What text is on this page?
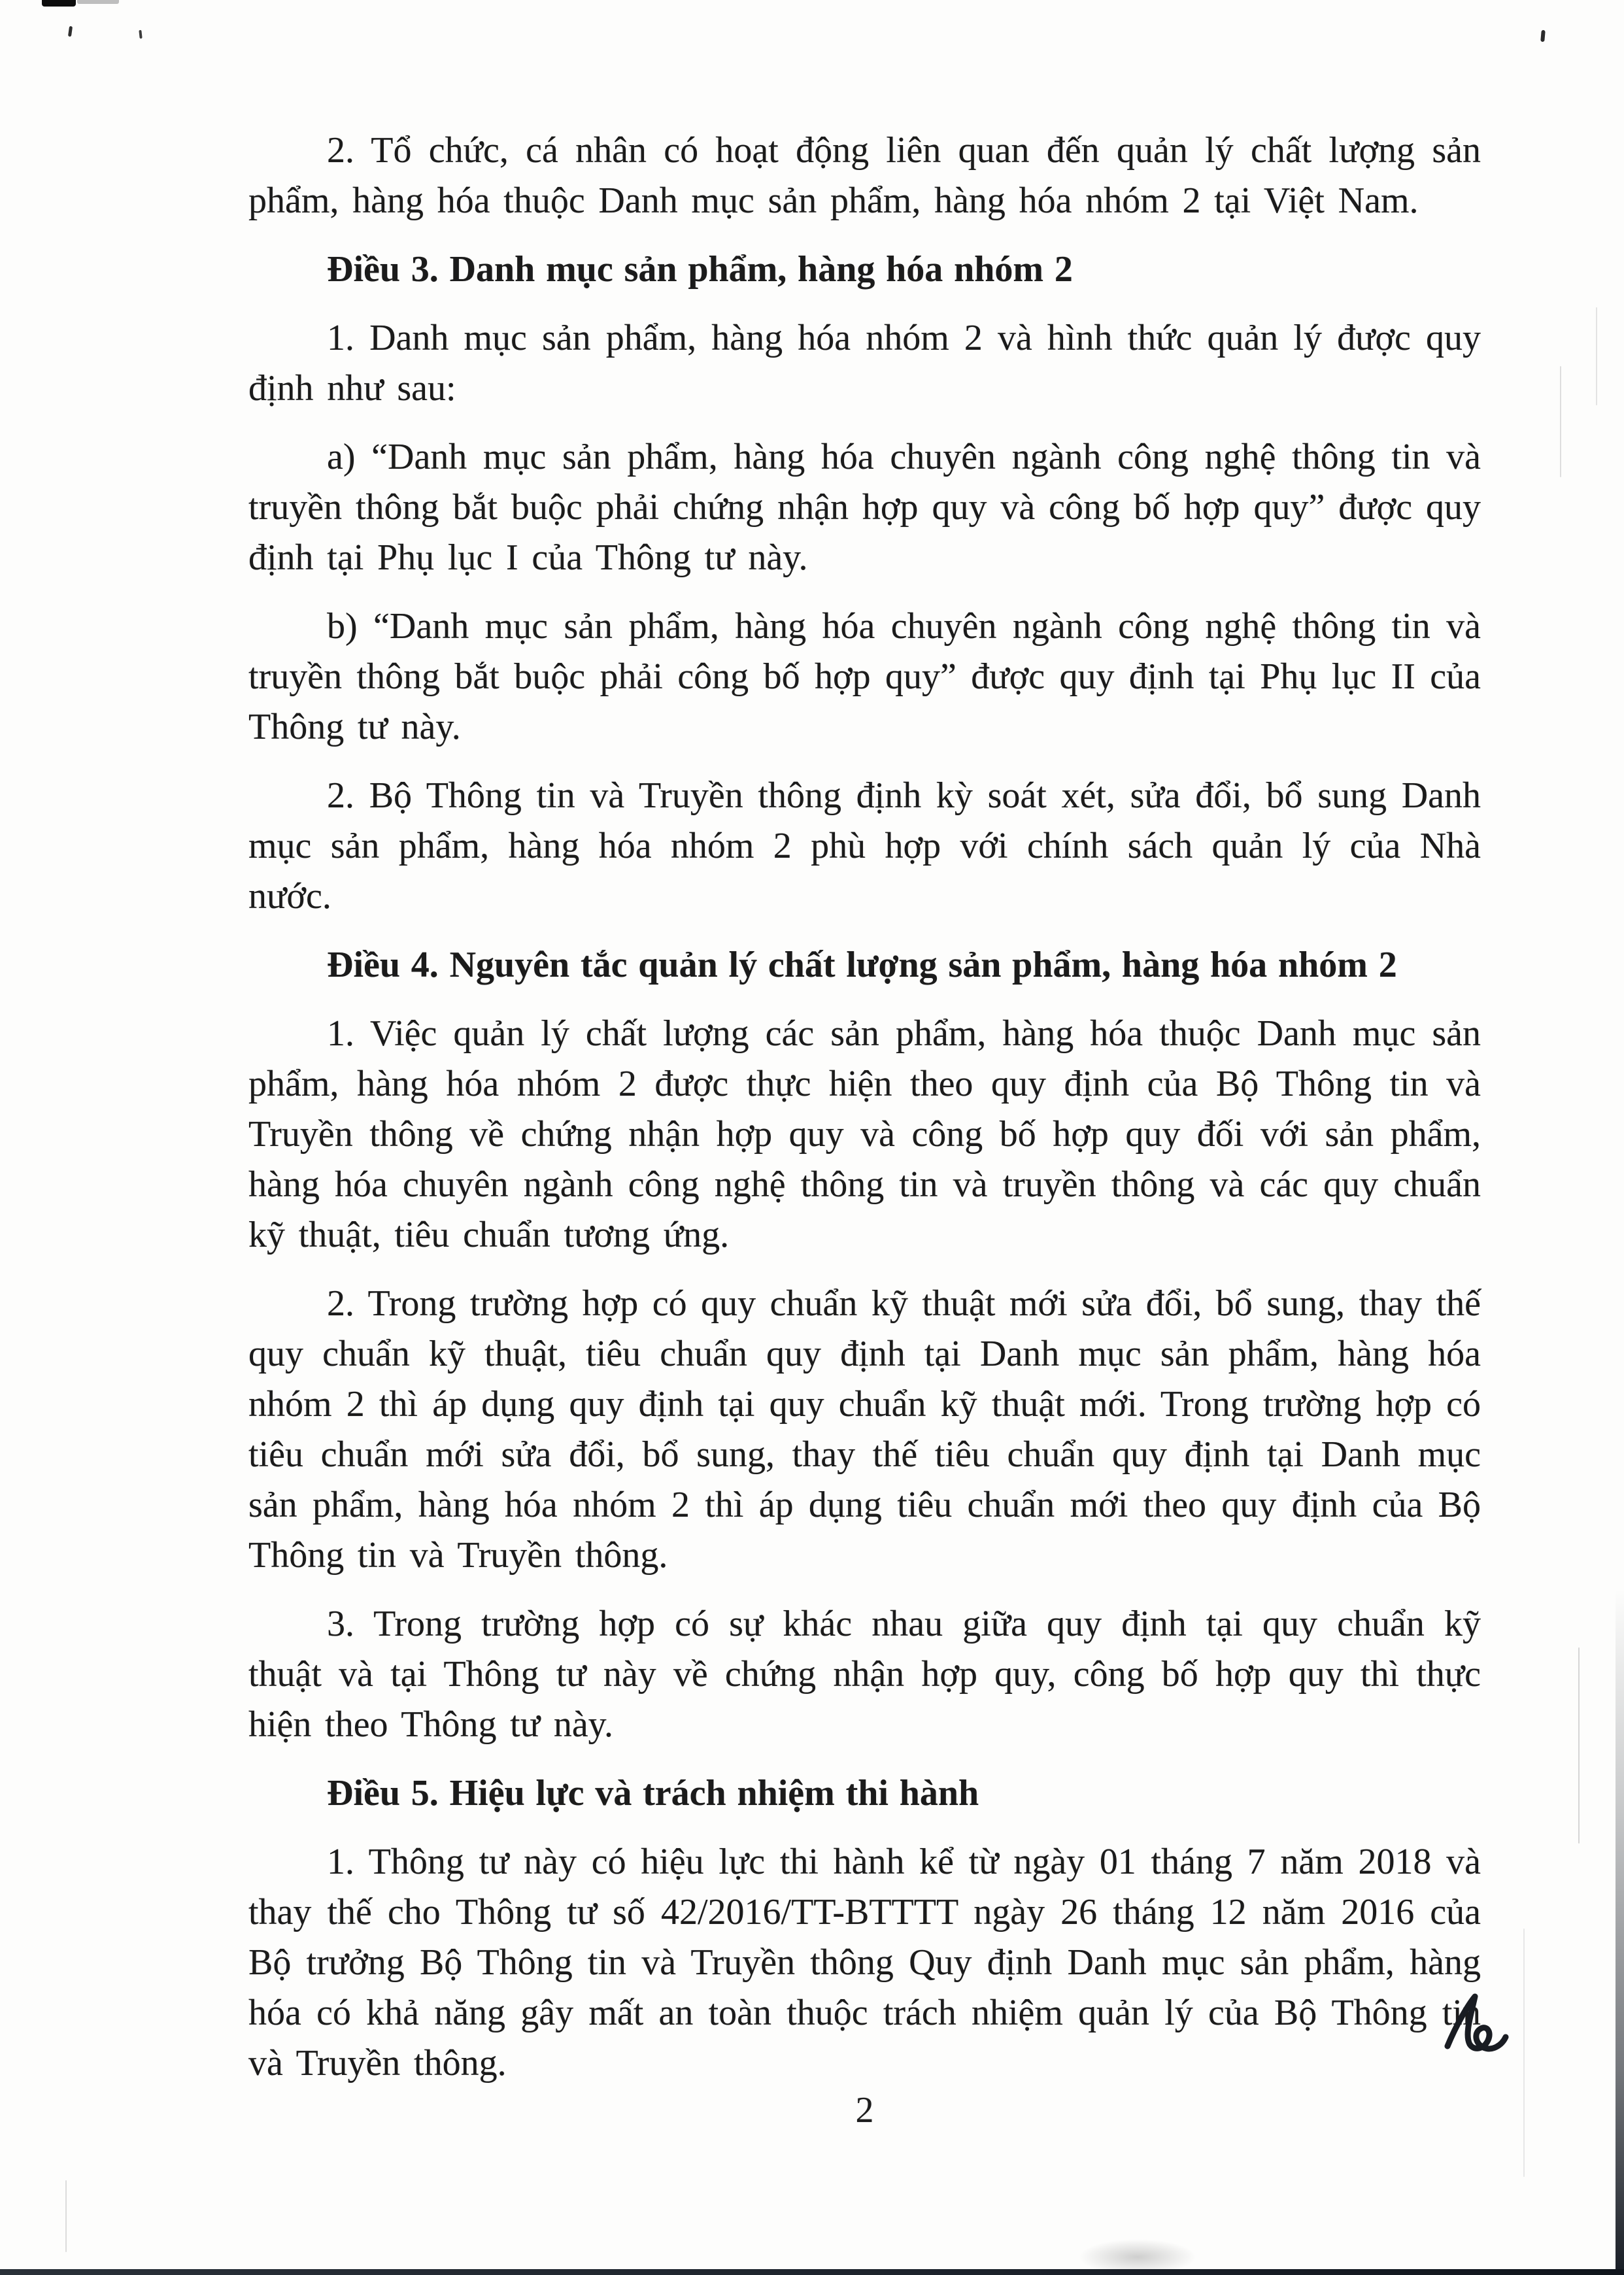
2. Tổ chức, cá nhân có hoạt động liên quan đến quản lý chất lượng sản phẩm, hàng hóa thuộc Danh mục sản phẩm, hàng hóa nhóm 2 tại Việt Nam.

Điều 3. Danh mục sản phẩm, hàng hóa nhóm 2

1. Danh mục sản phẩm, hàng hóa nhóm 2 và hình thức quản lý được quy định như sau:

a) “Danh mục sản phẩm, hàng hóa chuyên ngành công nghệ thông tin và truyền thông bắt buộc phải chứng nhận hợp quy và công bố hợp quy” được quy định tại Phụ lục I của Thông tư này.

b) “Danh mục sản phẩm, hàng hóa chuyên ngành công nghệ thông tin và truyền thông bắt buộc phải công bố hợp quy” được quy định tại Phụ lục II của Thông tư này.

2. Bộ Thông tin và Truyền thông định kỳ soát xét, sửa đổi, bổ sung Danh mục sản phẩm, hàng hóa nhóm 2 phù hợp với chính sách quản lý của Nhà nước.

Điều 4. Nguyên tắc quản lý chất lượng sản phẩm, hàng hóa nhóm 2

1. Việc quản lý chất lượng các sản phẩm, hàng hóa thuộc Danh mục sản phẩm, hàng hóa nhóm 2 được thực hiện theo quy định của Bộ Thông tin và Truyền thông về chứng nhận hợp quy và công bố hợp quy đối với sản phẩm, hàng hóa chuyên ngành công nghệ thông tin và truyền thông và các quy chuẩn kỹ thuật, tiêu chuẩn tương ứng.

2. Trong trường hợp có quy chuẩn kỹ thuật mới sửa đổi, bổ sung, thay thế quy chuẩn kỹ thuật, tiêu chuẩn quy định tại Danh mục sản phẩm, hàng hóa nhóm 2 thì áp dụng quy định tại quy chuẩn kỹ thuật mới. Trong trường hợp có tiêu chuẩn mới sửa đổi, bổ sung, thay thế tiêu chuẩn quy định tại Danh mục sản phẩm, hàng hóa nhóm 2 thì áp dụng tiêu chuẩn mới theo quy định của Bộ Thông tin và Truyền thông.

3. Trong trường hợp có sự khác nhau giữa quy định tại quy chuẩn kỹ thuật và tại Thông tư này về chứng nhận hợp quy, công bố hợp quy thì thực hiện theo Thông tư này.

Điều 5. Hiệu lực và trách nhiệm thi hành

1. Thông tư này có hiệu lực thi hành kể từ ngày 01 tháng 7 năm 2018 và thay thế cho Thông tư số 42/2016/TT-BTTTT ngày 26 tháng 12 năm 2016 của Bộ trưởng Bộ Thông tin và Truyền thông Quy định Danh mục sản phẩm, hàng hóa có khả năng gây mất an toàn thuộc trách nhiệm quản lý của Bộ Thông tin và Truyền thông.

2
